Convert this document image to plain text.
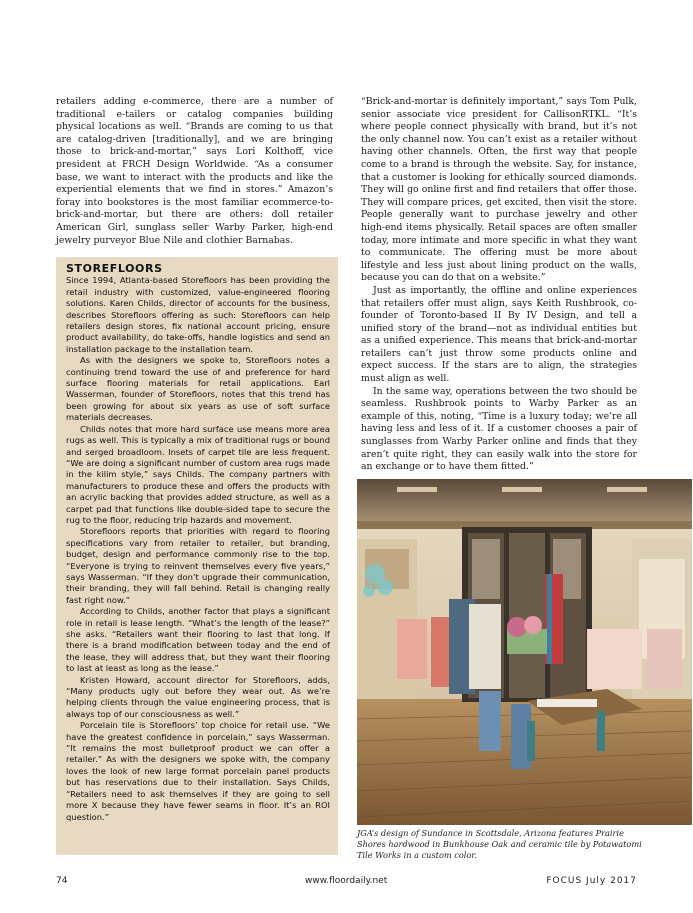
retailers adding e-commerce, there are a number of traditional e-tailers or catalog companies building physical locations as well. “Brands are coming to us that are catalog-driven [traditionally], and we are bringing those to brick-and-mortar,” says Lori Kolthoff, vice president at FRCH Design Worldwide. “As a consumer base, we want to interact with the products and like the experiential elements that we find in stores.” Amazon’s foray into bookstores is the most familiar ecommerce-to-brick-and-mortar, but there are others: doll retailer American Girl, sunglass seller Warby Parker, high-end jewelry purveyor Blue Nile and clothier Barnabas.

STOREFLOORS

Since 1994, Atlanta-based Storefloors has been providing the retail industry with customized, value-engineered flooring solutions. Karen Childs, director of accounts for the business, describes Storefloors offering as such: Storefloors can help retailers design stores, fix national account pricing, ensure product availability, do take-offs, handle logistics and send an installation package to the installation team.

As with the designers we spoke to, Storefloors notes a continuing trend toward the use of and preference for hard surface flooring materials for retail applications. Earl Wasserman, founder of Storefloors, notes that this trend has been growing for about six years as use of soft surface materials decreases.

Childs notes that more hard surface use means more area rugs as well. This is typically a mix of traditional rugs or bound and serged broadloom. Insets of carpet tile are less frequent. “We are doing a significant number of custom area rugs made in the kilim style,” says Childs. The company partners with manufacturers to produce these and offers the products with an acrylic backing that provides added structure, as well as a carpet pad that functions like double-sided tape to secure the rug to the floor, reducing trip hazards and movement.

Storefloors reports that priorities with regard to flooring specifications vary from retailer to retailer, but branding, budget, design and performance commonly rise to the top. “Everyone is trying to reinvent themselves every five years,” says Wasserman. “If they don’t upgrade their communication, their branding, they will fall behind. Retail is changing really fast right now.”

According to Childs, another factor that plays a significant role in retail is lease length. “What’s the length of the lease?” she asks. “Retailers want their flooring to last that long. If there is a brand modification between today and the end of the lease, they will address that, but they want their flooring to last at least as long as the lease.”

Kristen Howard, account director for Storefloors, adds, “Many products ugly out before they wear out. As we’re helping clients through the value engineering process, that is always top of our consciousness as well.”

Porcelain tile is Storefloors’ top choice for retail use. “We have the greatest confidence in porcelain,” says Wasserman. “It remains the most bulletproof product we can offer a retailer.” As with the designers we spoke with, the company loves the look of new large format porcelain panel products but has reservations due to their installation. Says Childs, “Retailers need to ask themselves if they are going to sell more X because they have fewer seams in floor. It’s an ROI question.”

“Brick-and-mortar is definitely important,” says Tom Pulk, senior associate vice president for CallisonRTKL. “It’s where people connect physically with brand, but it’s not the only channel now. You can’t exist as a retailer without having other channels. Often, the first way that people come to a brand is through the website. Say, for instance, that a customer is looking for ethically sourced diamonds. They will go online first and find retailers that offer those. They will compare prices, get excited, then visit the store. People generally want to purchase jewelry and other high-end items physically. Retail spaces are often smaller today, more intimate and more specific in what they want to communicate. The offering must be more about lifestyle and less just about lining product on the walls, because you can do that on a website.”

Just as importantly, the offline and online experiences that retailers offer must align, says Keith Rushbrook, co-founder of Toronto-based II By IV Design, and tell a unified story of the brand—not as individual entities but as a unified experience. This means that brick-and-mortar retailers can’t just throw some products online and expect success. If the stars are to align, the strategies must align as well.

In the same way, operations between the two should be seamless. Rushbrook points to Warby Parker as an example of this, noting, “Time is a luxury today; we’re all having less and less of it. If a customer chooses a pair of sunglasses from Warby Parker online and finds that they aren’t quite right, they can easily walk into the store for an exchange or to have them fitted.”

JGA’s design of Sundance in Scottsdale, Arizona features Prairie Shores hardwood in Bunkhouse Oak and ceramic tile by Potawatomi Tile Works in a custom color.
74	www.floordaily.net	FOCUS July 2017
